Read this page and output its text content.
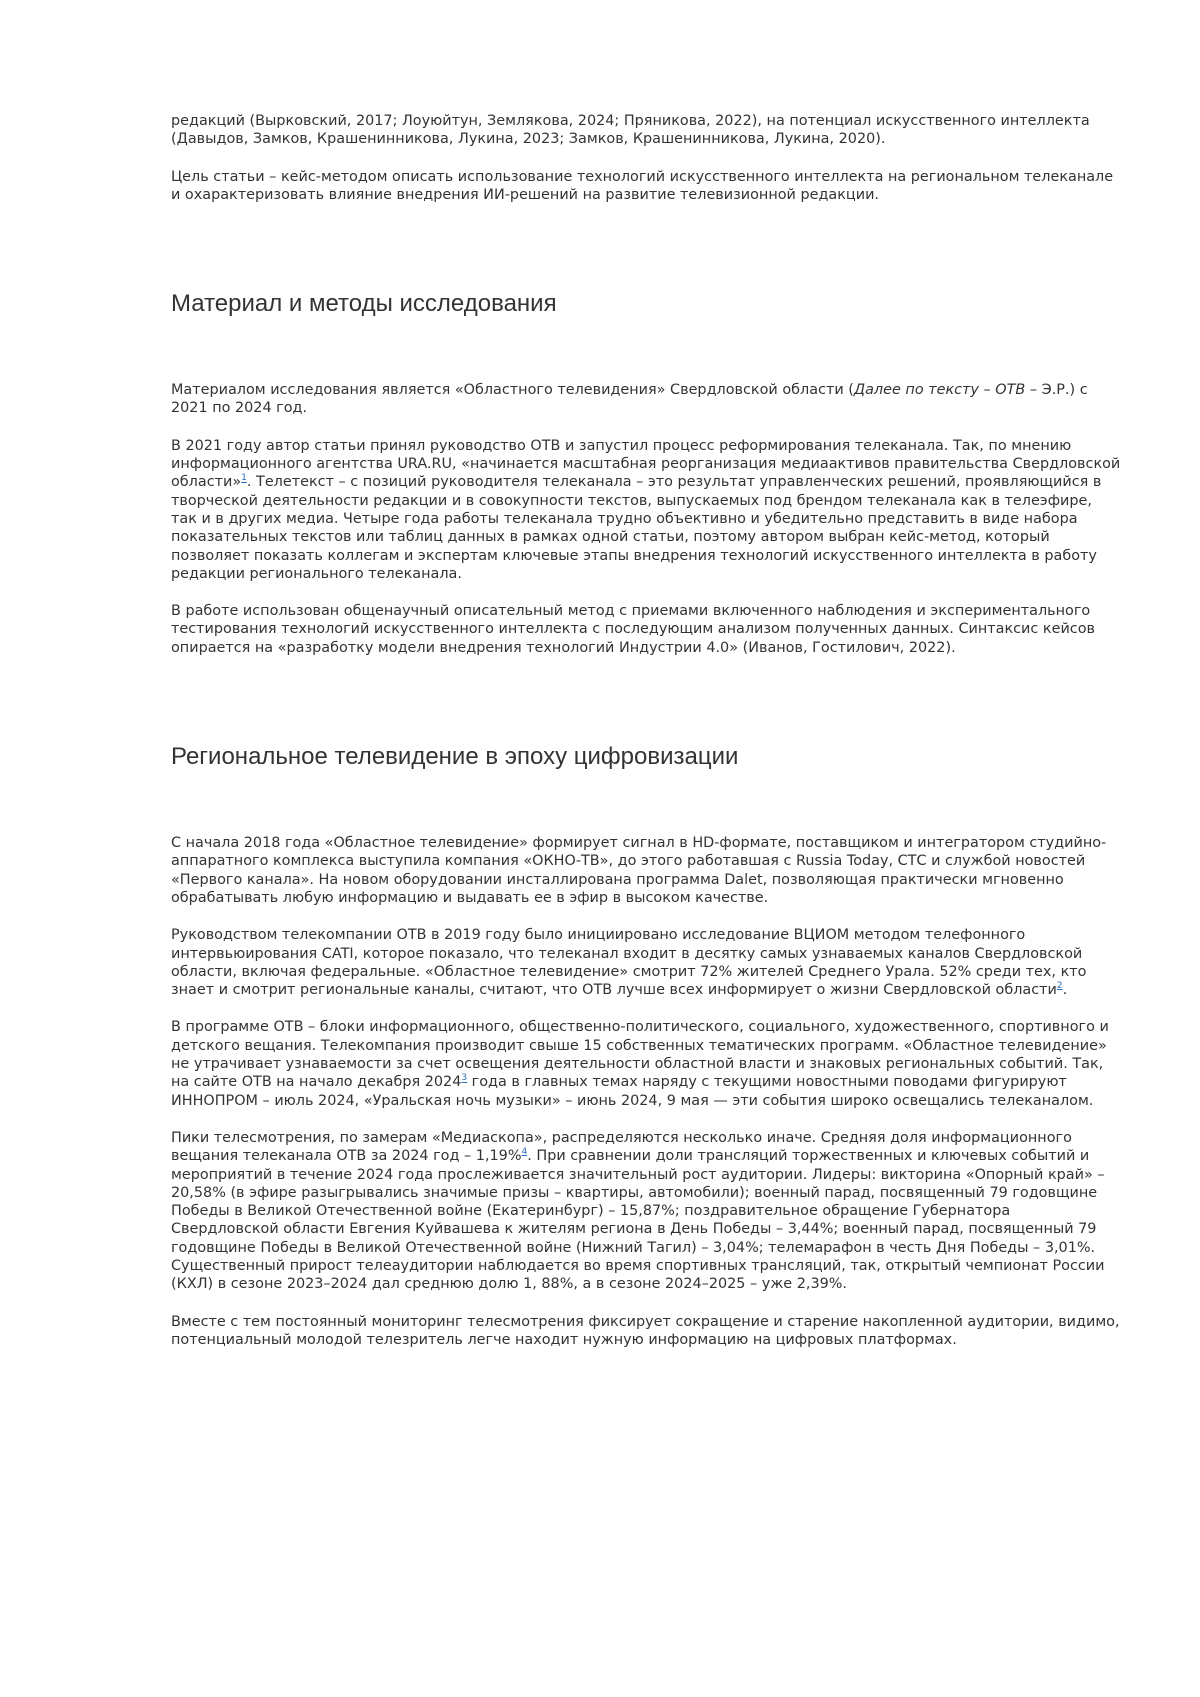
редакций (Вырковский, 2017; Лоуюйтун, Землякова, 2024; Пряникова, 2022), на потенциал искусственного интеллекта (Давыдов, Замков, Крашенинникова, Лукина, 2023; Замков, Крашенинникова, Лукина, 2020).

Цель статьи – кейс-методом описать использование технологий искусственного интеллекта на региональном телеканале и охарактеризовать влияние внедрения ИИ-решений на развитие телевизионной редакции.

Материал и методы исследования

Материалом исследования является «Областного телевидения» Свердловской области (Далее по тексту – ОТВ – Э.Р.) с 2021 по 2024 год.

В 2021 году автор статьи принял руководство ОТВ и запустил процесс реформирования телеканала. Так, по мнению информационного агентства URA.RU, «начинается масштабная реорганизация медиаактивов правительства Свердловской области»1. Телетекст – с позиций руководителя телеканала – это результат управленческих решений, проявляющийся в творческой деятельности редакции и в совокупности текстов, выпускаемых под брендом телеканала как в телеэфире, так и в других медиа. Четыре года работы телеканала трудно объективно и убедительно представить в виде набора показательных текстов или таблиц данных в рамках одной статьи, поэтому автором выбран кейс-метод, который позволяет показать коллегам и экспертам ключевые этапы внедрения технологий искусственного интеллекта в работу редакции регионального телеканала.

В работе использован общенаучный описательный метод с приемами включенного наблюдения и экспериментального тестирования технологий искусственного интеллекта с последующим анализом полученных данных. Синтаксис кейсов опирается на «разработку модели внедрения технологий Индустрии 4.0» (Иванов, Гостилович, 2022).

Региональное телевидение в эпоху цифровизации

С начала 2018 года «Областное телевидение» формирует сигнал в HD-формате, поставщиком и интегратором студийно-аппаратного комплекса выступила компания «ОКНО-ТВ», до этого работавшая с Russia Today, СТС и службой новостей «Первого канала». На новом оборудовании инсталлирована программа Dalet, позволяющая практически мгновенно обрабатывать любую информацию и выдавать ее в эфир в высоком качестве.

Руководством телекомпании ОТВ в 2019 году было инициировано исследование ВЦИОМ методом телефонного интервьюирования CATI, которое показало, что телеканал входит в десятку самых узнаваемых каналов Свердловской области, включая федеральные. «Областное телевидение» смотрит 72% жителей Среднего Урала. 52% среди тех, кто знает и смотрит региональные каналы, считают, что ОТВ лучше всех информирует о жизни Свердловской области2.

В программе ОТВ – блоки информационного, общественно-политического, социального, художественного, спортивного и детского вещания. Телекомпания производит свыше 15 собственных тематических программ. «Областное телевидение» не утрачивает узнаваемости за счет освещения деятельности областной власти и знаковых региональных событий. Так, на сайте ОТВ на начало декабря 20243 года в главных темах наряду с текущими новостными поводами фигурируют ИННОПРОМ – июль 2024, «Уральская ночь музыки» – июнь 2024, 9 мая — эти события широко освещались телеканалом.

Пики телесмотрения, по замерам «Медиаскопа», распределяются несколько иначе. Средняя доля информационного вещания телеканала ОТВ за 2024 год – 1,19%4. При сравнении доли трансляций торжественных и ключевых событий и мероприятий в течение 2024 года прослеживается значительный рост аудитории. Лидеры: викторина «Опорный край» – 20,58% (в эфире разыгрывались значимые призы – квартиры, автомобили); военный парад, посвященный 79 годовщине Победы в Великой Отечественной войне (Екатеринбург) – 15,87%; поздравительное обращение Губернатора Свердловской области Евгения Куйвашева к жителям региона в День Победы – 3,44%; военный парад, посвященный 79 годовщине Победы в Великой Отечественной войне (Нижний Тагил) – 3,04%; телемарафон в честь Дня Победы – 3,01%. Существенный прирост телеаудитории наблюдается во время спортивных трансляций, так, открытый чемпионат России (КХЛ) в сезоне 2023–2024 дал среднюю долю 1, 88%, а в сезоне 2024–2025 – уже 2,39%.

Вместе с тем постоянный мониторинг телесмотрения фиксирует сокращение и старение накопленной аудитории, видимо, потенциальный молодой телезритель легче находит нужную информацию на цифровых платформах.
